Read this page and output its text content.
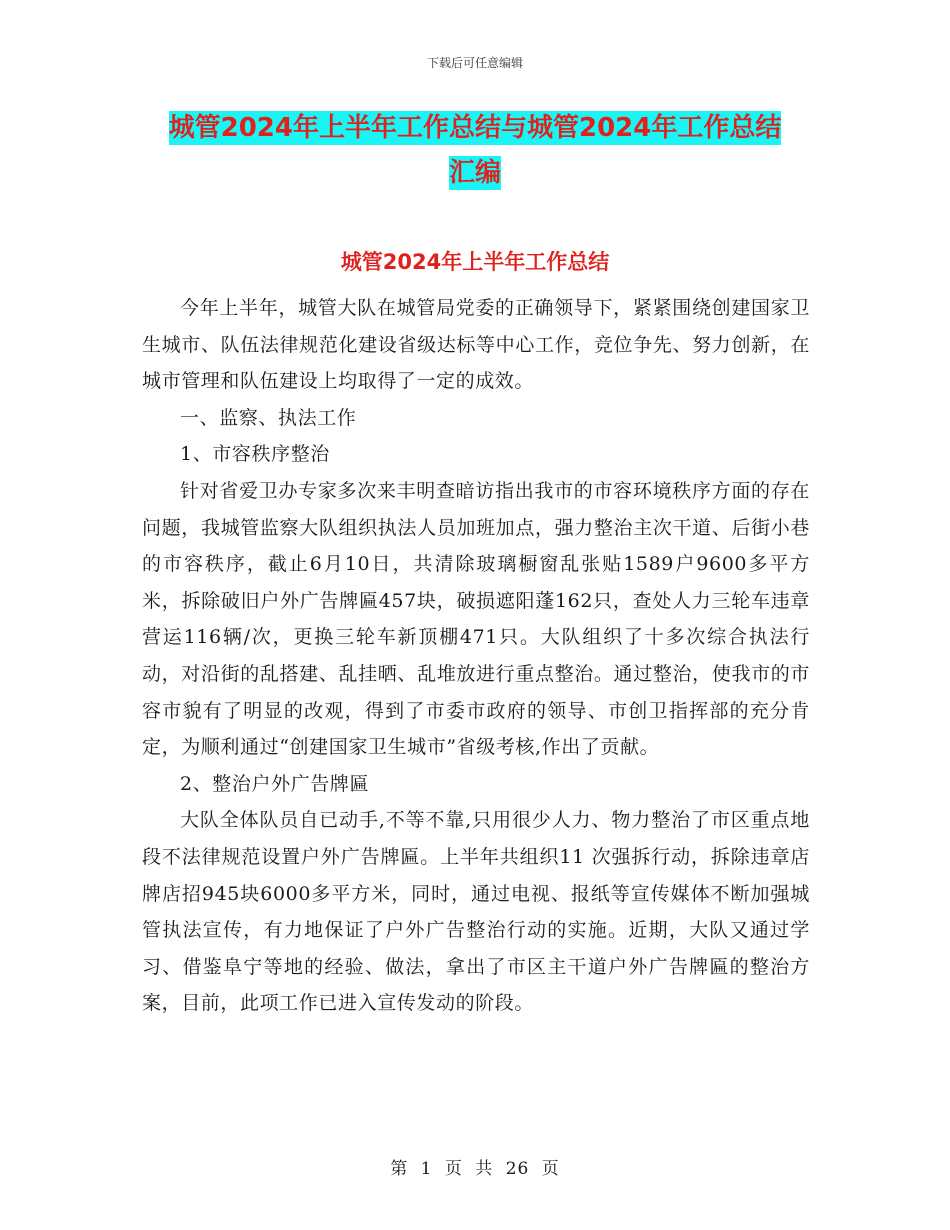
下载后可任意编辑
城管2024年上半年工作总结与城管2024年工作总结
汇编
城管2024年上半年工作总结

今年上半年，城管大队在城管局党委的正确领导下，紧紧围绕创建国家卫生城市、队伍法律规范化建设省级达标等中心工作，竞位争先、努力创新，在城市管理和队伍建设上均取得了一定的成效。

一、监察、执法工作

1、市容秩序整治

针对省爱卫办专家多次来丰明查暗访指出我市的市容环境秩序方面的存在问题，我城管监察大队组织执法人员加班加点，强力整治主次干道、后街小巷的市容秩序，截止6月10日，共清除玻璃橱窗乱张贴1589户9600多平方米，拆除破旧户外广告牌匾457块，破损遮阳蓬162只，查处人力三轮车违章营运116辆/次，更换三轮车新顶棚471只。大队组织了十多次综合执法行动，对沿街的乱搭建、乱挂晒、乱堆放进行重点整治。通过整治，使我市的市容市貌有了明显的改观，得到了市委市政府的领导、市创卫指挥部的充分肯定，为顺利通过“创建国家卫生城市”省级考核,作出了贡献。

2、整治户外广告牌匾

大队全体队员自已动手,不等不靠,只用很少人力、物力整治了市区重点地段不法律规范设置户外广告牌匾。上半年共组织11 次强拆行动，拆除违章店牌店招945块6000多平方米，同时，通过电视、报纸等宣传媒体不断加强城管执法宣传，有力地保证了户外广告整治行动的实施。近期，大队又通过学习、借鉴阜宁等地的经验、做法，拿出了市区主干道户外广告牌匾的整治方案，目前，此项工作已进入宣传发动的阶段。

第 1 页 共 26 页
